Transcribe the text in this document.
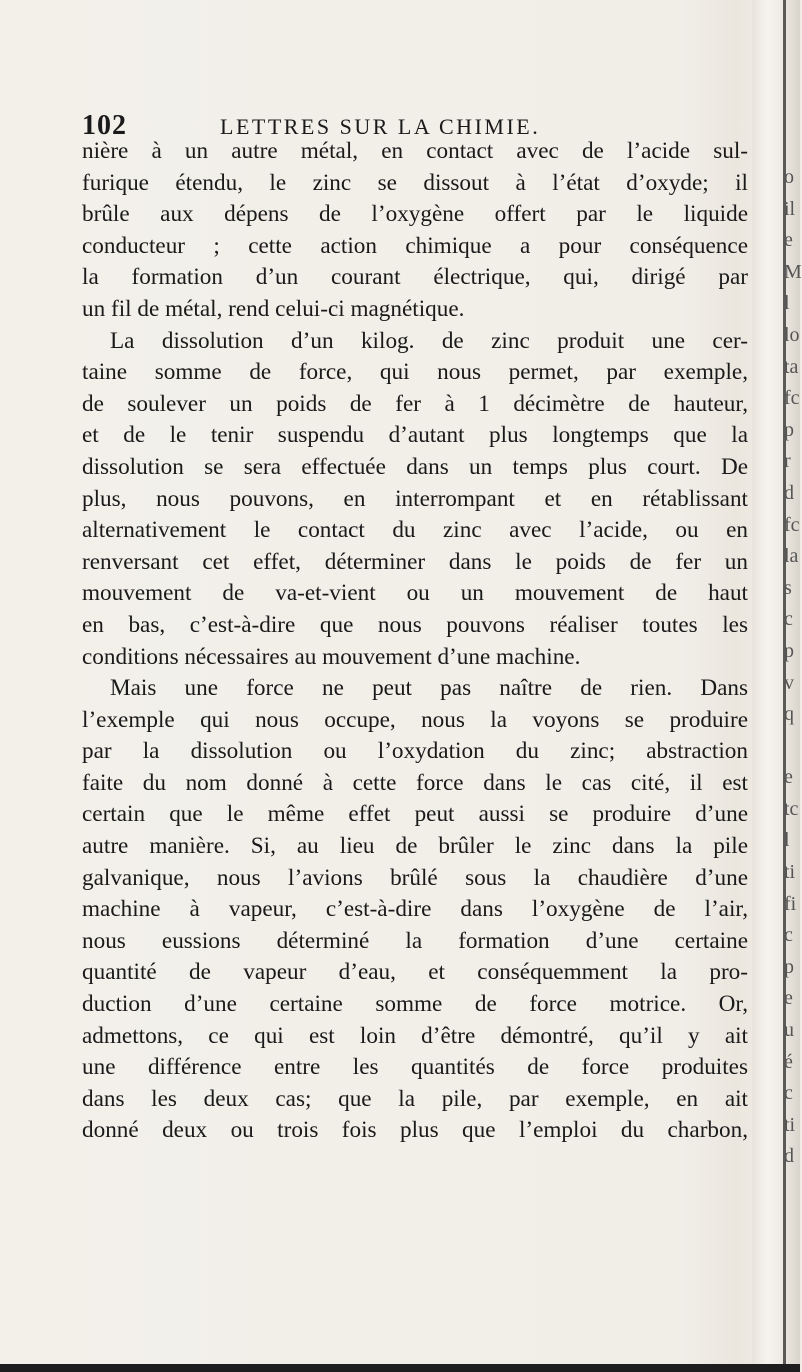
102	LETTRES SUR LA CHIMIE.
nière à un autre métal, en contact avec de l’acide sul-
furique étendu, le zinc se dissout à l’état d’oxyde; il
brûle aux dépens de l’oxygène offert par le liquide
conducteur ; cette action chimique a pour conséquence
la formation d’un courant électrique, qui, dirigé par
un fil de métal, rend celui-ci magnétique.
La dissolution d’un kilog. de zinc produit une cer-
taine somme de force, qui nous permet, par exemple,
de soulever un poids de fer à 1 décimètre de hauteur,
et de le tenir suspendu d’autant plus longtemps que la
dissolution se sera effectuée dans un temps plus court. De
plus, nous pouvons, en interrompant et en rétablissant
alternativement le contact du zinc avec l’acide, ou en
renversant cet effet, déterminer dans le poids de fer un
mouvement de va-et-vient ou un mouvement de haut
en bas, c’est-à-dire que nous pouvons réaliser toutes les
conditions nécessaires au mouvement d’une machine.
Mais une force ne peut pas naître de rien. Dans
l’exemple qui nous occupe, nous la voyons se produire
par la dissolution ou l’oxydation du zinc; abstraction
faite du nom donné à cette force dans le cas cité, il est
certain que le même effet peut aussi se produire d’une
autre manière. Si, au lieu de brûler le zinc dans la pile
galvanique, nous l’avions brûlé sous la chaudière d’une
machine à vapeur, c’est-à-dire dans l’oxygène de l’air,
nous eussions déterminé la formation d’une certaine
quantité de vapeur d’eau, et conséquemment la pro-
duction d’une certaine somme de force motrice. Or,
admettons, ce qui est loin d’être démontré, qu’il y ait
une différence entre les quantités de force produites
dans les deux cas; que la pile, par exemple, en ait
donné deux ou trois fois plus que l’emploi du charbon,
o
il
e
M
l
lo
ta
fc
p
r
d
fc
la
s
c
p
v
q
e
tc
l
ti
fi
c
p
e
u
é
c
ti
d
